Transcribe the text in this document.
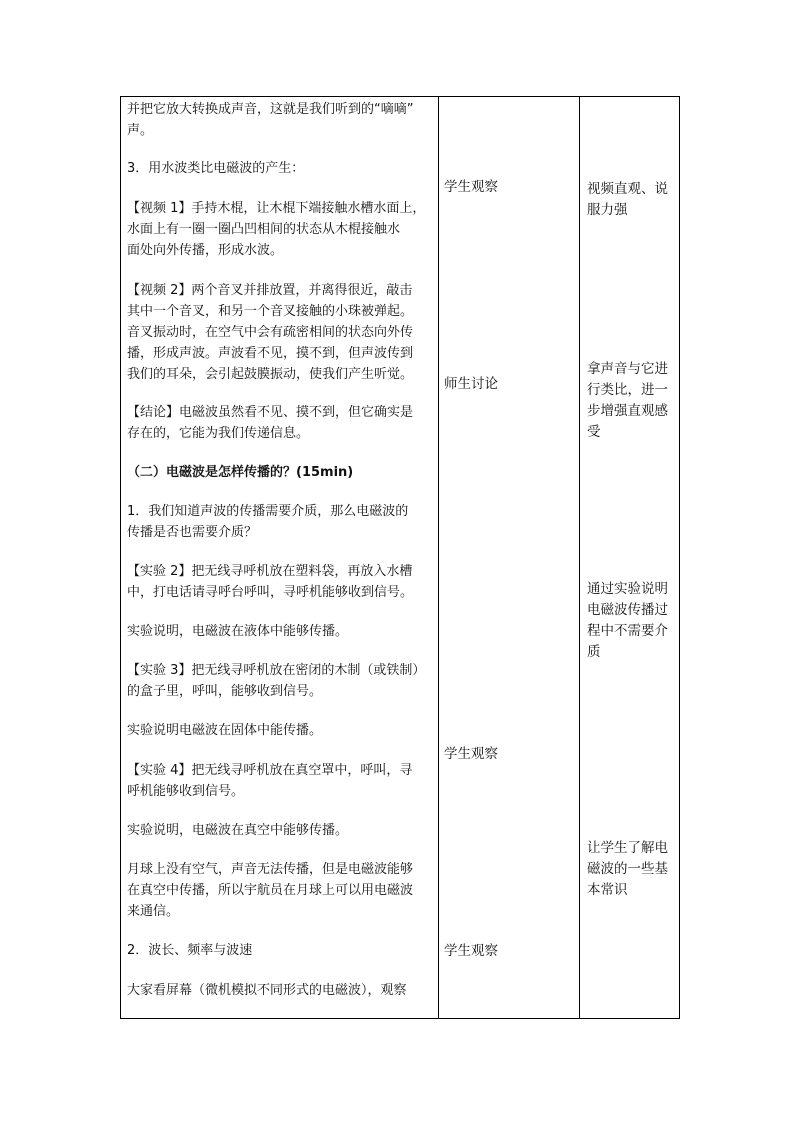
并把它放大转换成声音，这就是我们听到的“嘀嘀”
声。
3．用水波类比电磁波的产生：
【视频 1】手持木棍，让木棍下端接触水槽水面上，
水面上有一圈一圈凸凹相间的状态从木棍接触水
面处向外传播，形成水波。
【视频 2】两个音叉并排放置，并离得很近，敲击
其中一个音叉，和另一个音叉接触的小珠被弹起。
音叉振动时，在空气中会有疏密相间的状态向外传
播，形成声波。声波看不见，摸不到，但声波传到
我们的耳朵，会引起鼓膜振动，使我们产生听觉。
【结论】电磁波虽然看不见、摸不到，但它确实是
存在的，它能为我们传递信息。
（二）电磁波是怎样传播的？(15min)
1．我们知道声波的传播需要介质，那么电磁波的
传播是否也需要介质？
【实验 2】把无线寻呼机放在塑料袋，再放入水槽
中，打电话请寻呼台呼叫，寻呼机能够收到信号。
实验说明，电磁波在液体中能够传播。
【实验 3】把无线寻呼机放在密闭的木制（或铁制）
的盒子里，呼叫，能够收到信号。
实验说明电磁波在固体中能传播。
【实验 4】把无线寻呼机放在真空罩中，呼叫，寻
呼机能够收到信号。
实验说明，电磁波在真空中能够传播。
月球上没有空气，声音无法传播，但是电磁波能够
在真空中传播，所以宇航员在月球上可以用电磁波
来通信。
2．波长、频率与波速
大家看屏幕（微机模拟不同形式的电磁波），观察
学生观察
师生讨论
学生观察
学生观察
视频直观、说
服力强
拿声音与它进
行类比，进一
步增强直观感
受
通过实验说明
电磁波传播过
程中不需要介
质
让学生了解电
磁波的一些基
本常识
